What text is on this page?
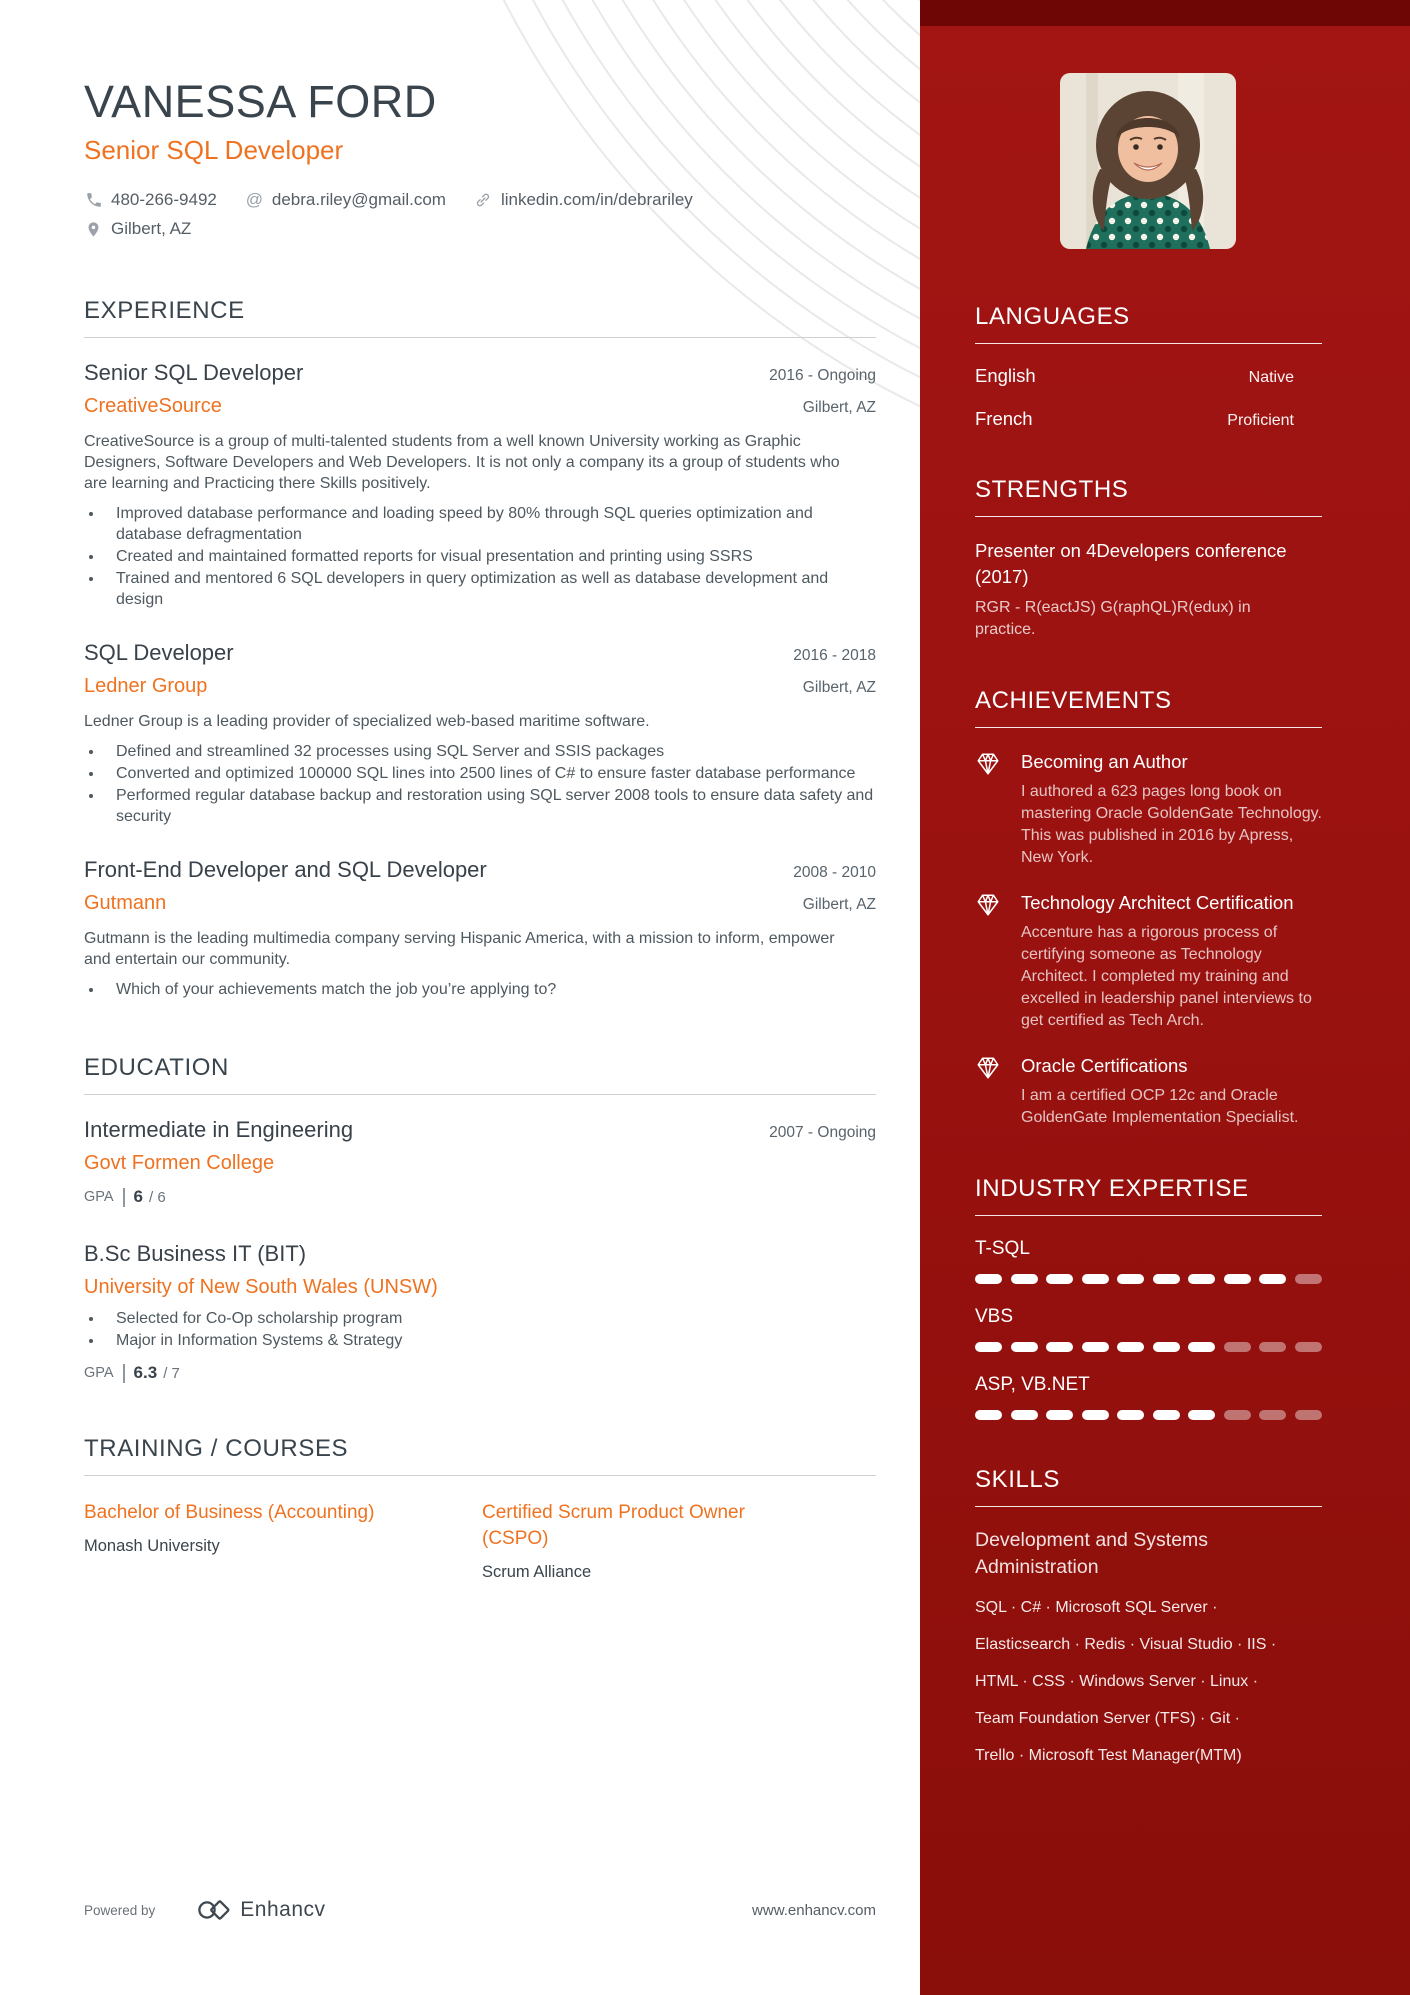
VANESSA FORD
Senior SQL Developer
480-266-9492 @ debra.riley@gmail.com	linkedin.com/in/debrariley
Gilbert, AZ
EXPERIENCE
Senior SQL Developer	2016 - Ongoing
CreativeSource	Gilbert, AZ
CreativeSource is a group of multi-talented students from a well known University working as Graphic Designers, Software Developers and Web Developers. It is not only a company its a group of students who are learning and Practicing there Skills positively.
• Improved database performance and loading speed by 80% through SQL queries optimization and database defragmentation
• Created and maintained formatted reports for visual presentation and printing using SSRS
• Trained and mentored 6 SQL developers in query optimization as well as database development and design
SQL Developer	2016 - 2018
Ledner Group	Gilbert, AZ
Ledner Group is a leading provider of specialized web-based maritime software.
• Defined and streamlined 32 processes using SQL Server and SSIS packages
• Converted and optimized 100000 SQL lines into 2500 lines of C# to ensure faster database performance
• Performed regular database backup and restoration using SQL server 2008 tools to ensure data safety and security
Front-End Developer and SQL Developer	2008 - 2010
Gutmann	Gilbert, AZ
Gutmann is the leading multimedia company serving Hispanic America, with a mission to inform, empower and entertain our community.
• Which of your achievements match the job you’re applying to?
EDUCATION
Intermediate in Engineering	2007 - Ongoing
Govt Formen College
GPA 6 / 6
B.Sc Business IT (BIT)
University of New South Wales (UNSW)
• Selected for Co-Op scholarship program
• Major in Information Systems & Strategy
GPA 6.3 / 7
TRAINING / COURSES
Bachelor of Business (Accounting)
Monash University
Certified Scrum Product Owner (CSPO)
Scrum Alliance
Powered by	Enhancv	www.enhancv.com
LANGUAGES
English	Native
French	Proficient
STRENGTHS
Presenter on 4Developers conference (2017)
RGR - R(eactJS) G(raphQL)R(edux) in practice.
ACHIEVEMENTS
Becoming an Author
I authored a 623 pages long book on mastering Oracle GoldenGate Technology. This was published in 2016 by Apress, New York.
Technology Architect Certification
Accenture has a rigorous process of certifying someone as Technology Architect. I completed my training and excelled in leadership panel interviews to get certified as Tech Arch.
Oracle Certifications
I am a certified OCP 12c and Oracle GoldenGate Implementation Specialist.
INDUSTRY EXPERTISE
T-SQL
VBS
ASP, VB.NET
SKILLS
Development and Systems Administration
SQL · C# · Microsoft SQL Server ·
Elasticsearch · Redis · Visual Studio · IIS ·
HTML · CSS · Windows Server · Linux ·
Team Foundation Server (TFS) · Git ·
Trello · Microsoft Test Manager(MTM)
